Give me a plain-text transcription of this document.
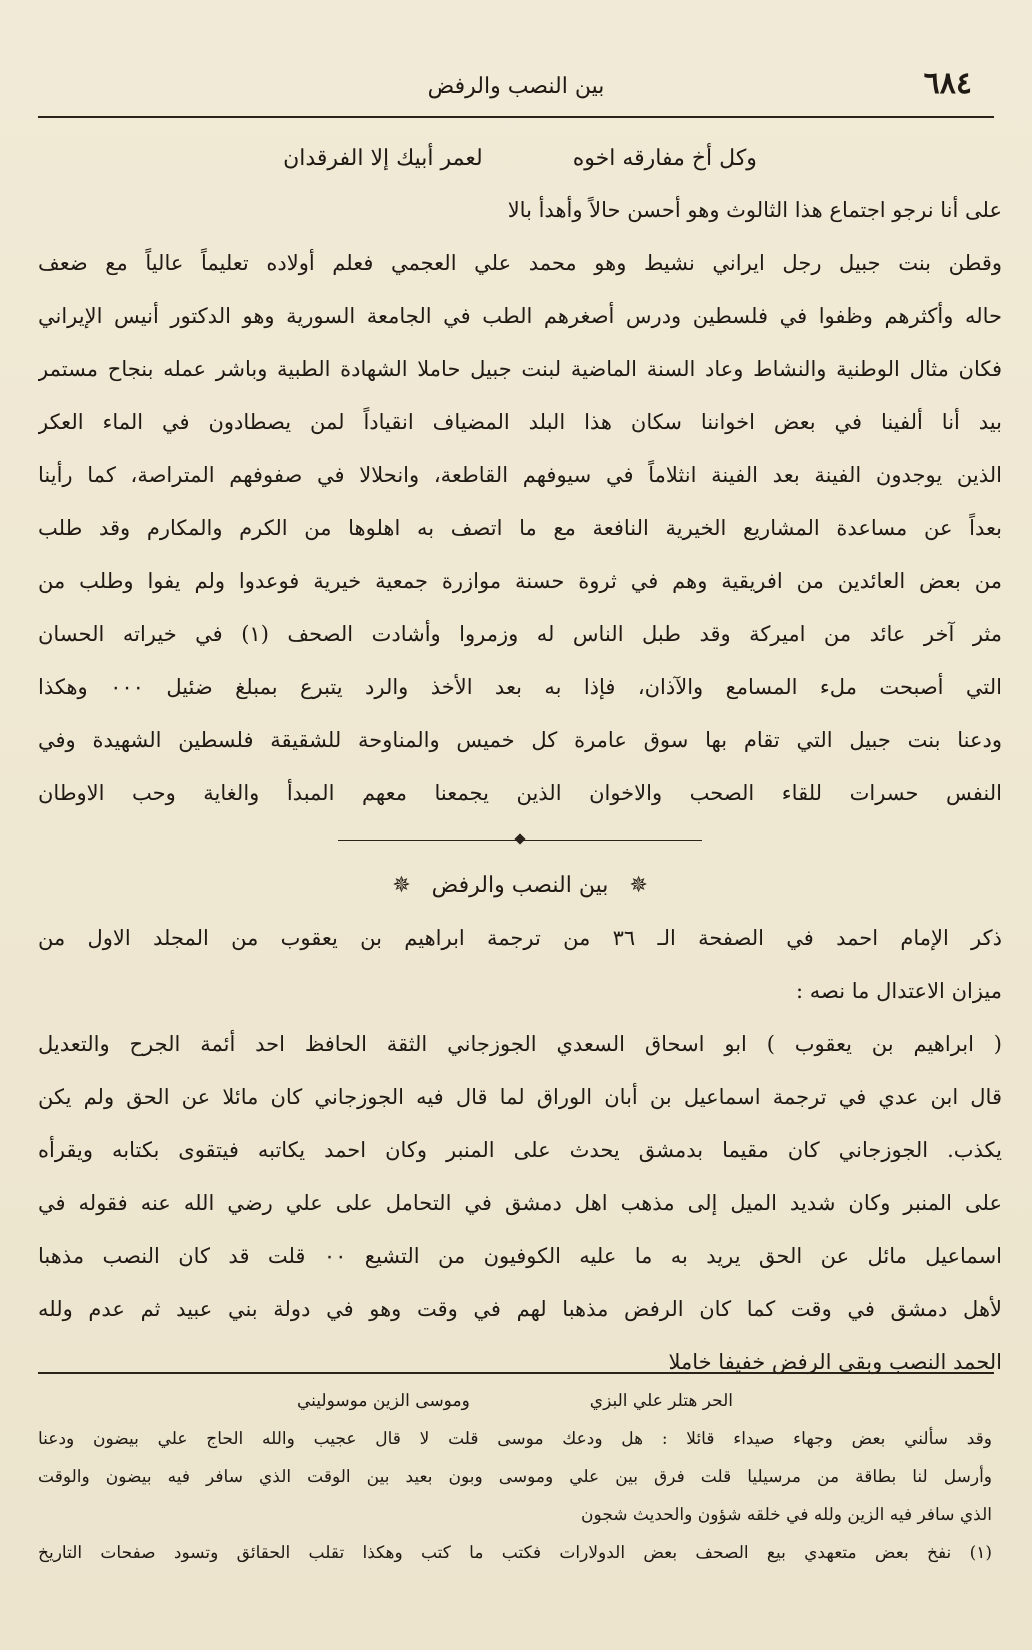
٦٨٤
بين النصب والرفض
وكل أخ مفارقه اخوه
لعمر أبيك إلا الفرقدان
على أنا نرجو اجتماع هذا الثالوث وهو أحسن حالاً وأهدأ بالا
وقطن بنت جبيل رجل ايراني نشيط وهو محمد علي العجمي فعلم أولاده تعليماً عالياً مع ضعف
حاله وأكثرهم وظفوا في فلسطين ودرس أصغرهم الطب في الجامعة السورية وهو الدكتور أنيس الإيراني
فكان مثال الوطنية والنشاط وعاد السنة الماضية لبنت جبيل حاملا الشهادة الطبية وباشر عمله بنجاح مستمر
بيد أنا ألفينا في بعض اخواننا سكان هذا البلد المضياف انقياداً لمن يصطادون في الماء العكر
الذين يوجدون الفينة بعد الفينة انثلاماً في سيوفهم القاطعة، وانحلالا في صفوفهم المتراصة، كما رأينا
بعداً عن مساعدة المشاريع الخيرية النافعة مع ما اتصف به اهلوها من الكرم والمكارم وقد طلب
من بعض العائدين من افريقية وهم في ثروة حسنة موازرة جمعية خيرية فوعدوا ولم يفوا وطلب من
مثر آخر عائد من اميركة وقد طبل الناس له وزمروا وأشادت الصحف (١) في خيراته الحسان
التي أصبحت ملء المسامع والآذان، فإذا به بعد الأخذ والرد يتبرع بمبلغ ضئيل ٠٠٠ وهكذا
ودعنا بنت جبيل التي تقام بها سوق عامرة كل خميس والمناوحة للشقيقة فلسطين الشهيدة وفي
النفس حسرات للقاء الصحب والاخوان الذين يجمعنا معهم المبدأ والغاية وحب الاوطان
✵ بين النصب والرفض ✵
ذكر الإمام احمد في الصفحة الـ ٣٦ من ترجمة ابراهيم بن يعقوب من المجلد الاول من
ميزان الاعتدال ما نصه :
( ابراهيم بن يعقوب ) ابو اسحاق السعدي الجوزجاني الثقة الحافظ احد أئمة الجرح والتعديل
قال ابن عدي في ترجمة اسماعيل بن أبان الوراق لما قال فيه الجوزجاني كان مائلا عن الحق ولم يكن
يكذب. الجوزجاني كان مقيما بدمشق يحدث على المنبر وكان احمد يكاتبه فيتقوى بكتابه ويقرأه
على المنبر وكان شديد الميل إلى مذهب اهل دمشق في التحامل على علي رضي الله عنه فقوله في
اسماعيل مائل عن الحق يريد به ما عليه الكوفيون من التشيع ٠٠ قلت قد كان النصب مذهبا
لأهل دمشق في وقت كما كان الرفض مذهبا لهم في وقت وهو في دولة بني عبيد ثم عدم ولله
الحمد النصب وبقي الرفض خفيفا خاملا
الحر هتلر علي البزي
وموسى الزين موسوليني
وقد سألني بعض وجهاء صيداء قائلا : هل ودعك موسى قلت لا قال عجيب والله الحاج علي بيضون ودعنا
وأرسل لنا بطاقة من مرسيليا قلت فرق بين علي وموسى وبون بعيد بين الوقت الذي سافر فيه بيضون والوقت
الذي سافر فيه الزين ولله في خلقه شؤون والحديث شجون
(١) نفخ بعض متعهدي بيع الصحف بعض الدولارات فكتب ما كتب وهكذا تقلب الحقائق وتسود صفحات التاريخ
